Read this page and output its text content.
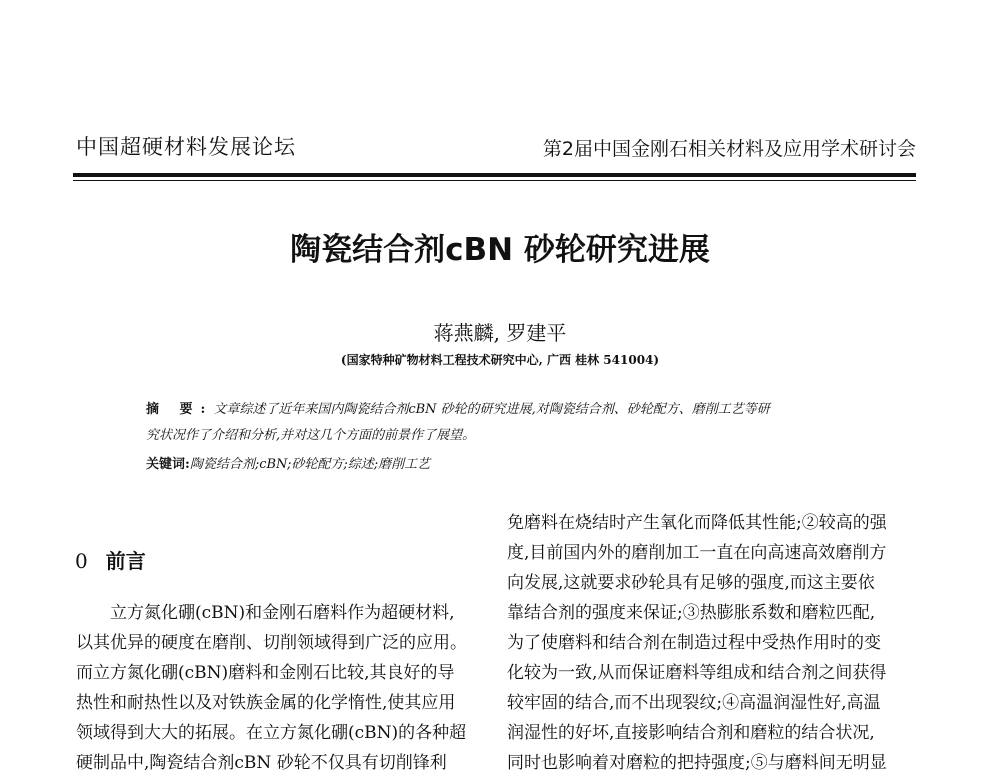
中国超硬材料发展论坛	第2届中国金刚石相关材料及应用学术研讨会
陶瓷结合剂cBN 砂轮研究进展
蒋燕麟, 罗建平
(国家特种矿物材料工程技术研究中心, 广西 桂林 541004)
摘 要:文章综述了近年来国内陶瓷结合剂cBN 砂轮的研究进展,对陶瓷结合剂、砂轮配方、磨削工艺等研
究状况作了介绍和分析,并对这几个方面的前景作了展望。
关键词:陶瓷结合剂;cBN;砂轮配方;综述;磨削工艺
0 前言
立方氮化硼(cBN)和金刚石磨料作为超硬材料,
以其优异的硬度在磨削、切削领域得到广泛的应用。
而立方氮化硼(cBN)磨料和金刚石比较,其良好的导
热性和耐热性以及对铁族金属的化学惰性,使其应用
领域得到大大的拓展。在立方氮化硼(cBN)的各种超
硬制品中,陶瓷结合剂cBN 砂轮不仅具有切削锋利
免磨料在烧结时产生氧化而降低其性能;②较高的强
度,目前国内外的磨削加工一直在向高速高效磨削方
向发展,这就要求砂轮具有足够的强度,而这主要依
靠结合剂的强度来保证;③热膨胀系数和磨粒匹配,
为了使磨料和结合剂在制造过程中受热作用时的变
化较为一致,从而保证磨料等组成和结合剂之间获得
较牢固的结合,而不出现裂纹;④高温润湿性好,高温
润湿性的好坏,直接影响结合剂和磨粒的结合状况,
同时也影响着对磨粒的把持强度;⑤与磨料间无明显
